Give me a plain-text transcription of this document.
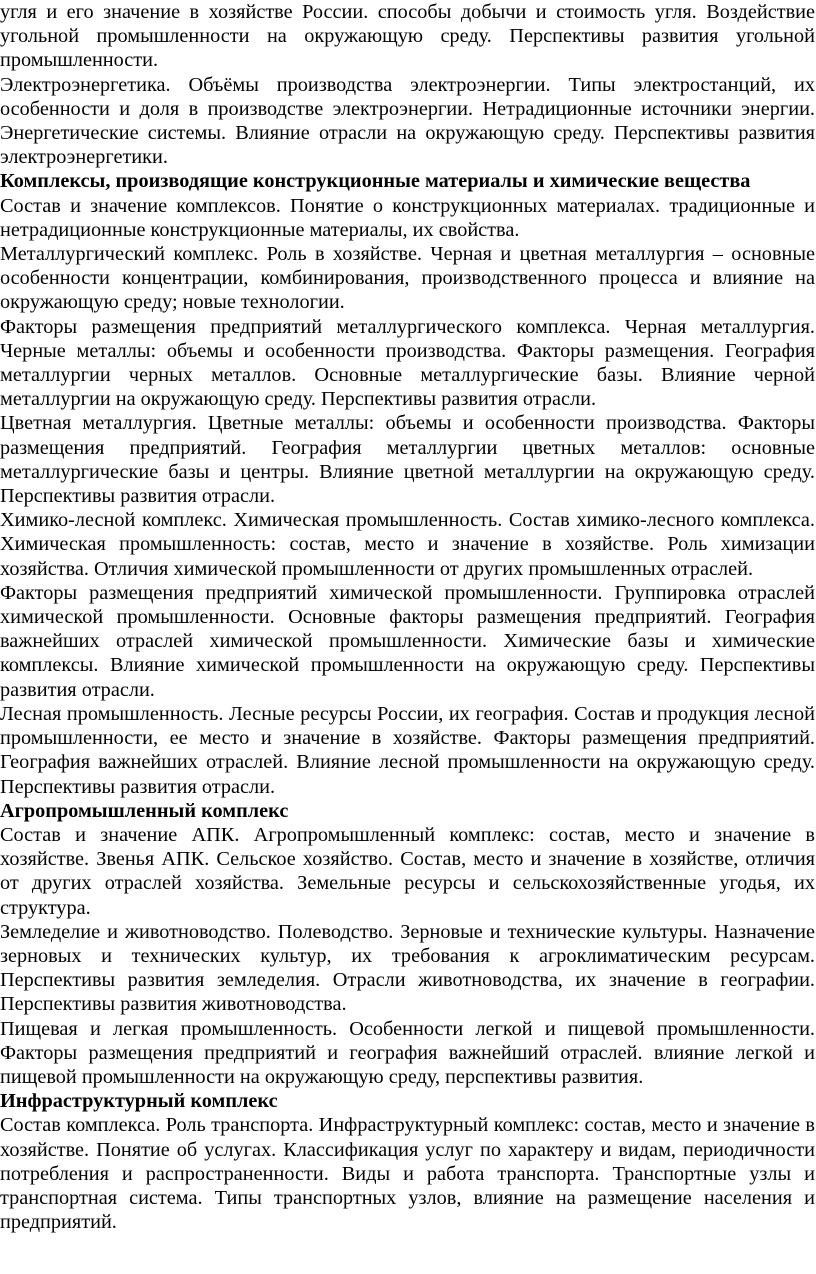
угля и его значение в хозяйстве России. способы добычи и стоимость угля. Воздействие угольной промышленности на окружающую среду. Перспективы развития угольной промышленности.

Электроэнергетика. Объёмы производства электроэнергии. Типы электростанций, их особенности и доля в производстве электроэнергии. Нетрадиционные источники энергии. Энергетические системы. Влияние отрасли на окружающую среду. Перспективы развития электроэнергетики.

Комплексы, производящие конструкционные материалы и химические вещества

Состав и значение комплексов. Понятие о конструкционных материалах. традиционные и нетрадиционные конструкционные материалы, их свойства.

Металлургический комплекс. Роль в хозяйстве. Черная и цветная металлургия – основные особенности концентрации, комбинирования, производственного процесса и влияние на окружающую среду; новые технологии.

Факторы размещения предприятий металлургического комплекса. Черная металлургия. Черные металлы: объемы и особенности производства. Факторы размещения. География металлургии черных металлов. Основные металлургические базы. Влияние черной металлургии на окружающую среду. Перспективы развития отрасли.

Цветная металлургия. Цветные металлы: объемы и особенности производства. Факторы размещения предприятий. География металлургии цветных металлов: основные металлургические базы и центры. Влияние цветной металлургии на окружающую среду. Перспективы развития отрасли.

Химико-лесной комплекс. Химическая промышленность. Состав химико-лесного комплекса. Химическая промышленность: состав, место и значение в хозяйстве. Роль химизации хозяйства. Отличия химической промышленности от других промышленных отраслей.

Факторы размещения предприятий химической промышленности. Группировка отраслей химической промышленности. Основные факторы размещения предприятий. География важнейших отраслей химической промышленности. Химические базы и химические комплексы. Влияние химической промышленности на окружающую среду. Перспективы развития отрасли.

Лесная промышленность. Лесные ресурсы России, их география. Состав и продукция лесной промышленности, ее место и значение в хозяйстве. Факторы размещения предприятий. География важнейших отраслей. Влияние лесной промышленности на окружающую среду. Перспективы развития отрасли.

Агропромышленный комплекс

Состав и значение АПК. Агропромышленный комплекс: состав, место и значение в хозяйстве. Звенья АПК. Сельское хозяйство. Состав, место и значение в хозяйстве, отличия от других отраслей хозяйства. Земельные ресурсы и сельскохозяйственные угодья, их структура.

Земледелие и животноводство. Полеводство. Зерновые и технические культуры. Назначение зерновых и технических культур, их требования к агроклиматическим ресурсам. Перспективы развития земледелия. Отрасли животноводства, их значение в географии. Перспективы развития животноводства.

Пищевая и легкая промышленность. Особенности легкой и пищевой промышленности. Факторы размещения предприятий и география важнейший отраслей. влияние легкой и пищевой промышленности на окружающую среду, перспективы развития.

Инфраструктурный комплекс

Состав комплекса. Роль транспорта. Инфраструктурный комплекс: состав, место и значение в хозяйстве. Понятие об услугах. Классификация услуг по характеру и видам, периодичности потребления и распространенности. Виды и работа транспорта. Транспортные узлы и транспортная система. Типы транспортных узлов, влияние на размещение населения и предприятий.
